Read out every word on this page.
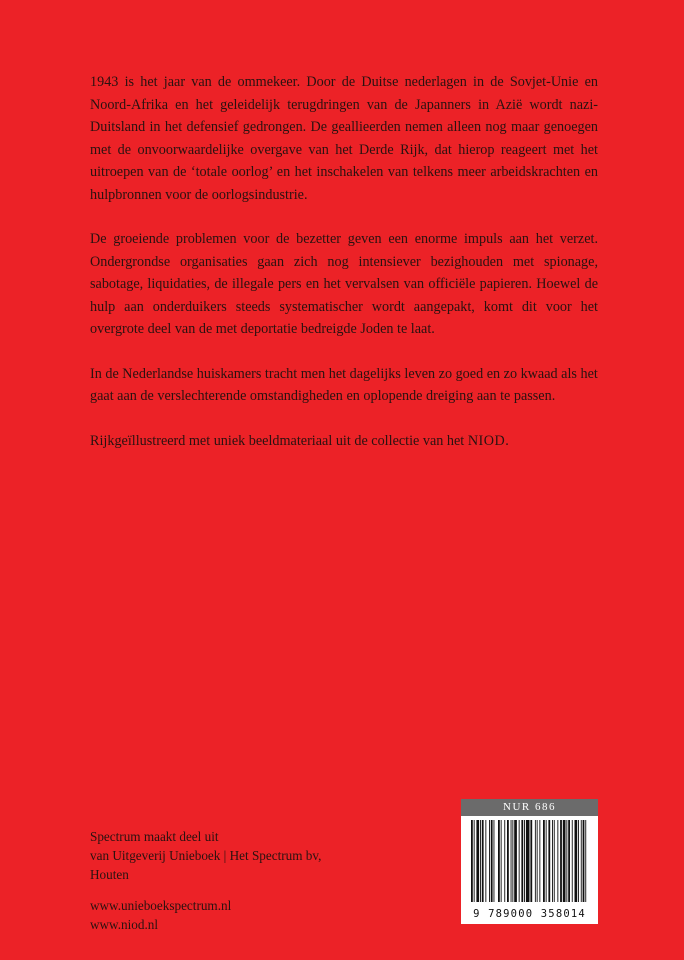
1943 is het jaar van de ommekeer. Door de Duitse nederlagen in de Sovjet-Unie en Noord-Afrika en het geleidelijk terugdringen van de Japanners in Azië wordt nazi-Duitsland in het defensief gedrongen. De geallieerden nemen alleen nog maar genoegen met de onvoorwaardelijke overgave van het Derde Rijk, dat hierop reageert met het uitroepen van de ‘totale oorlog’ en het inschakelen van telkens meer arbeidskrachten en hulpbronnen voor de oorlogsindustrie.

De groeiende problemen voor de bezetter geven een enorme impuls aan het verzet. Ondergrondse organisaties gaan zich nog intensiever bezighouden met spionage, sabotage, liquidaties, de illegale pers en het vervalsen van officiële papieren. Hoewel de hulp aan onderduikers steeds systematischer wordt aangepakt, komt dit voor het overgrote deel van de met deportatie bedreigde Joden te laat.

In de Nederlandse huiskamers tracht men het dagelijks leven zo goed en zo kwaad als het gaat aan de verslechterende omstandigheden en oplopende dreiging aan te passen.

Rijkgeïllustreerd met uniek beeldmateriaal uit de collectie van het NIOD.

Spectrum maakt deel uit
van Uitgeverij Unieboek | Het Spectrum bv,
Houten
www.unieboekspectrum.nl
www.niod.nl
NUR 686
9 789000 358014
